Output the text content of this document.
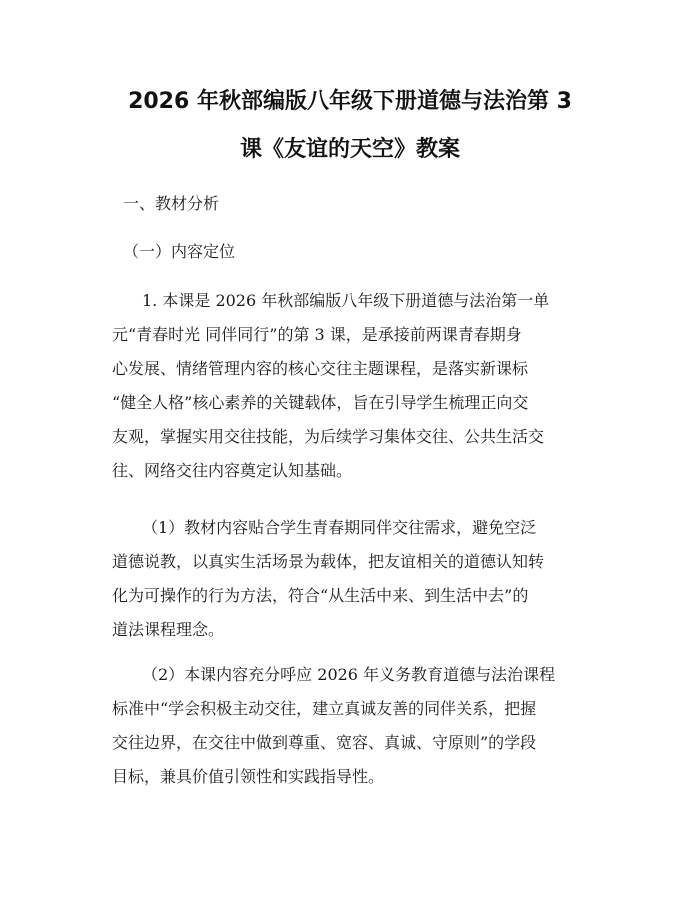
2026 年秋部编版八年级下册道德与法治第 3
课《友谊的天空》教案
一、教材分析
（一）内容定位
1. 本课是 2026 年秋部编版八年级下册道德与法治第一单
元“青春时光 同伴同行”的第 3 课，是承接前两课青春期身
心发展、情绪管理内容的核心交往主题课程，是落实新课标
“健全人格”核心素养的关键载体，旨在引导学生梳理正向交
友观，掌握实用交往技能，为后续学习集体交往、公共生活交
往、网络交往内容奠定认知基础。
（1）教材内容贴合学生青春期同伴交往需求，避免空泛
道德说教，以真实生活场景为载体，把友谊相关的道德认知转
化为可操作的行为方法，符合“从生活中来、到生活中去”的
道法课程理念。
（2）本课内容充分呼应 2026 年义务教育道德与法治课程
标准中“学会积极主动交往，建立真诚友善的同伴关系，把握
交往边界，在交往中做到尊重、宽容、真诚、守原则”的学段
目标，兼具价值引领性和实践指导性。
